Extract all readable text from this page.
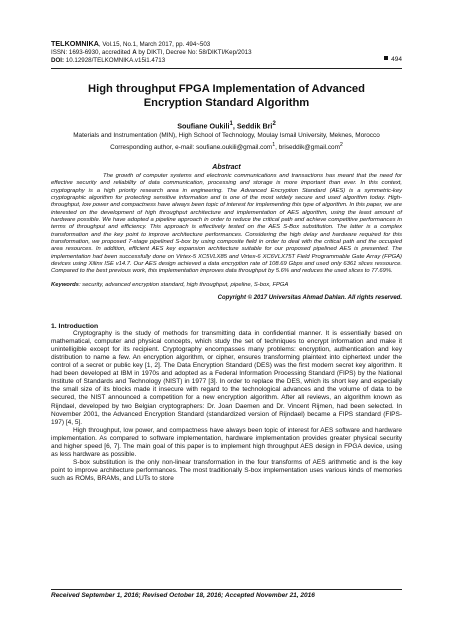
TELKOMNIKA, Vol.15, No.1, March 2017, pp. 494~503
ISSN: 1693-6930, accredited A by DIKTI, Decree No: 58/DIKTI/Kep/2013
DOI: 10.12928/TELKOMNIKA.v15i1.4713	494
High throughput FPGA Implementation of Advanced Encryption Standard Algorithm
Soufiane Oukili$^1$, Seddik Bri$^2$
Materials and Instrumentation (MIN), High School of Technology, Moulay Ismail University, Meknes, Morocco
Corresponding author, e-mail: soufiane.oukili@gmail.com$^1$, briseddik@gmail.com$^2$
Abstract
The growth of computer systems and electronic communications and transactions has meant that the need for effective security and reliability of data communication, processing and storage is more important than ever. In this context, cryptography is a high priority research area in engineering. The Advanced Encryption Standard (AES) is a symmetric-key cryptographic algorithm for protecting sensitive information and is one of the most widely secure and used algorithm today. High-throughput, low power and compactness have always been topic of interest for implementing this type of algorithm. In this paper, we are interested on the development of high throughput architecture and implementation of AES algorithm, using the least amount of hardware possible. We have adopted a pipeline approach in order to reduce the critical path and achieve competitive performances in terms of throughput and efficiency. This approach is effectively tested on the AES S-Box substitution. The latter is a complex transformation and the key point to improve architecture performances. Considering the high delay and hardware required for this transformation, we proposed 7-stage pipelined S-box by using composite field in order to deal with the critical path and the occupied area resources. In addition, efficient AES key expansion architecture suitable for our proposed pipelined AES is presented. The implementation had been successfully done on Virtex-5 XC5VLX85 and Virtex-6 XC6VLX75T Field Programmable Gate Array (FPGA) devices using Xilinx ISE v14.7. Our AES design achieved a data encryption rate of 108.69 Gbps and used only 6361 slices ressource. Compared to the best previous work, this implementation improves data throughput by 5.6% and reduces the used slices to 77.69%.
Keywords: security, advanced encryption standard, high throughput, pipeline, S-box, FPGA
Copyright © 2017 Universitas Ahmad Dahlan. All rights reserved.
1. Introduction

Cryptography is the study of methods for transmitting data in confidential manner. It is essentially based on mathematical, computer and physical concepts, which study the set of techniques to encrypt information and make it unintelligible except for its recipient. Cryptography encompasses many problems: encryption, authentication and key distribution to name a few. An encryption algorithm, or cipher, ensures transforming plaintext into ciphertext under the control of a secret or public key [1, 2]. The Data Encryption Standard (DES) was the first modern secret key algorithm. It had been developed at IBM in 1970s and adopted as a Federal Information Processing Standard (FIPS) by the National Institute of Standards and Technology (NIST) in 1977 [3]. In order to replace the DES, which its short key and especially the small size of its blocks made it insecure with regard to the technological advances and the volume of data to be secured, the NIST announced a competition for a new encryption algorithm. After all reviews, an algorithm known as Rijndael, developed by two Belgian cryptographers: Dr. Joan Daemen and Dr. Vincent Rijmen, had been selected. In November 2001, the Advanced Encryption Standard (standardized version of Rijndael) became a FIPS standard (FIPS-197) [4, 5].

High throughput, low power, and compactness have always been topic of interest for AES software and hardware implementation. As compared to software implementation, hardware implementation provides greater physical security and higher speed [6, 7]. The main goal of this paper is to implement high throughput AES design in FPGA device, using as less hardware as possible.

S-box substitution is the only non-linear transformation in the four transforms of AES arithmetic and is the key point to improve architecture performances. The most traditionally S-box implementation uses various kinds of memories such as ROMs, BRAMs, and LUTs to store

Received September 1, 2016; Revised October 18, 2016; Accepted November 21, 2016
